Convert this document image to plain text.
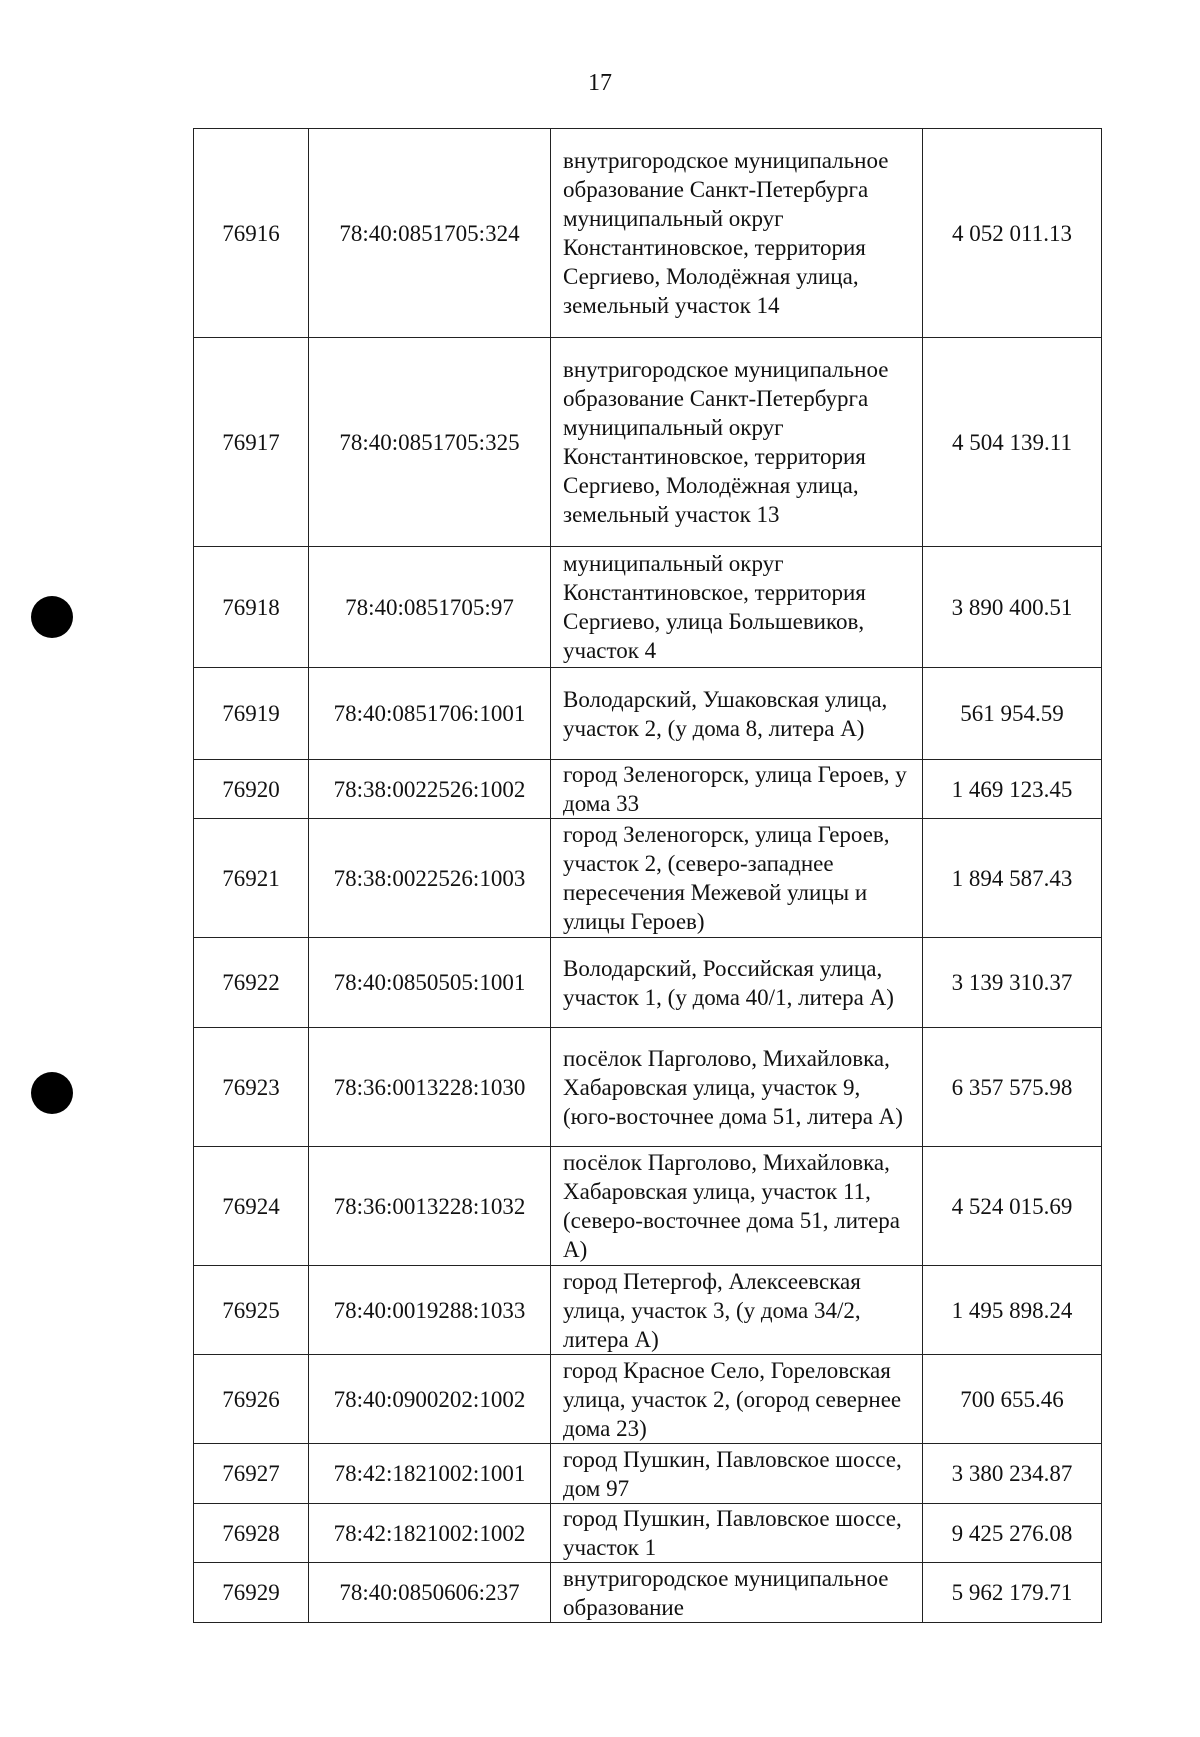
17
76916	78:40:0851705:324	внутригородское муниципальное образование Санкт-Петербурга муниципальный округ Константиновское, территория Сергиево, Молодёжная улица, земельный участок 14	4 052 011.13
76917	78:40:0851705:325	внутригородское муниципальное образование Санкт-Петербурга муниципальный округ Константиновское, территория Сергиево, Молодёжная улица, земельный участок 13	4 504 139.11
76918	78:40:0851705:97	муниципальный округ Константиновское, территория Сергиево, улица Большевиков, участок 4	3 890 400.51
76919	78:40:0851706:1001	Володарский, Ушаковская улица, участок 2, (у дома 8, литера А)	561 954.59
76920	78:38:0022526:1002	город Зеленогорск, улица Героев, у дома 33	1 469 123.45
76921	78:38:0022526:1003	город Зеленогорск, улица Героев, участок 2, (северо-западнее пересечения Межевой улицы и улицы Героев)	1 894 587.43
76922	78:40:0850505:1001	Володарский, Российская улица, участок 1, (у дома 40/1, литера А)	3 139 310.37
76923	78:36:0013228:1030	посёлок Парголово, Михайловка, Хабаровская улица, участок 9, (юго-восточнее дома 51, литера А)	6 357 575.98
76924	78:36:0013228:1032	посёлок Парголово, Михайловка, Хабаровская улица, участок 11, (северо-восточнее дома 51, литера А)	4 524 015.69
76925	78:40:0019288:1033	город Петергоф, Алексеевская улица, участок 3, (у дома 34/2, литера А)	1 495 898.24
76926	78:40:0900202:1002	город Красное Село, Гореловская улица, участок 2, (огород севернее дома 23)	700 655.46
76927	78:42:1821002:1001	город Пушкин, Павловское шоссе, дом 97	3 380 234.87
76928	78:42:1821002:1002	город Пушкин, Павловское шоссе, участок 1	9 425 276.08
76929	78:40:0850606:237	внутригородское муниципальное образование	5 962 179.71
